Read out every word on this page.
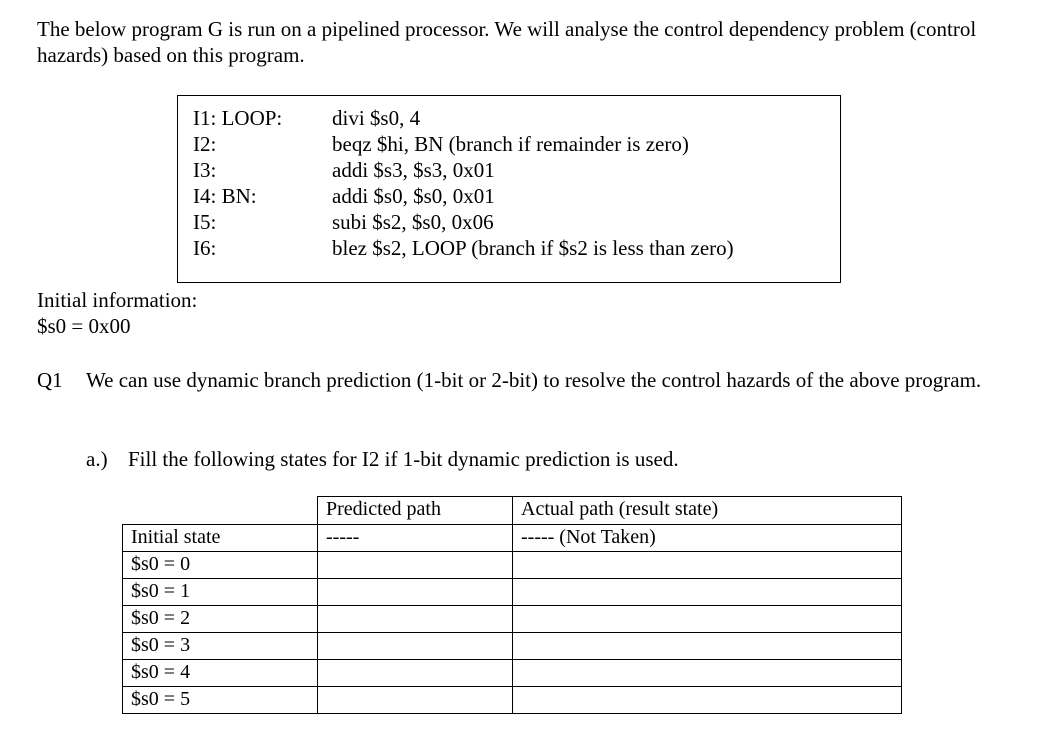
The below program G is run on a pipelined processor. We will analyse the control dependency problem (control hazards) based on this program.
I1: LOOP: divi $s0, 4
I2:	beqz $hi, BN (branch if remainder is zero)
I3:	addi $s3, $s3, 0x01
I4: BN:	addi $s0, $s0, 0x01
I5:	subi $s2, $s0, 0x06
I6:	blez $s2, LOOP (branch if $s2 is less than zero)
Initial information:
$s0 = 0x00
Q1 We can use dynamic branch prediction (1-bit or 2-bit) to resolve the control hazards of the above program.
a.) Fill the following states for I2 if 1-bit dynamic prediction is used.
	Predicted path	Actual path (result state)
Initial state	-----	----- (Not Taken)
$s0 = 0		
$s0 = 1		
$s0 = 2		
$s0 = 3		
$s0 = 4		
$s0 = 5		
